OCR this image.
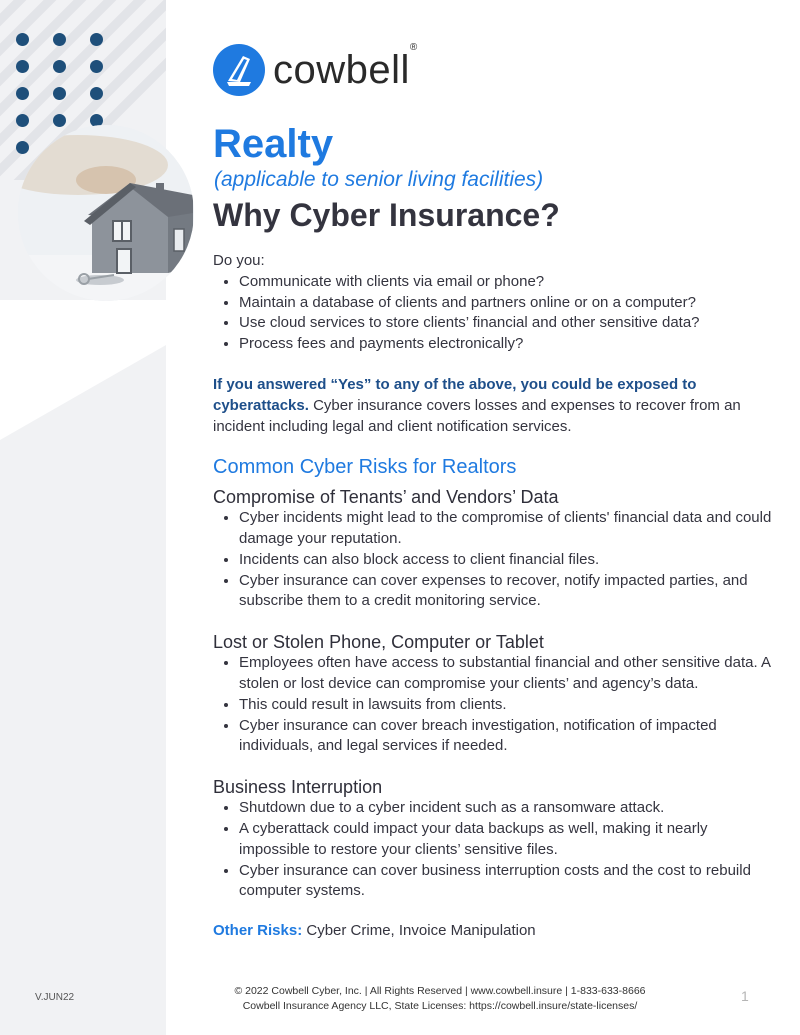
V.JUN22
cowbell®
Realty
(applicable to senior living facilities)
Why Cyber Insurance?

Do you:

• Communicate with clients via email or phone?
• Maintain a database of clients and partners online or on a computer?
• Use cloud services to store clients’ financial and other sensitive data?
• Process fees and payments electronically?

If you answered “Yes” to any of the above, you could be exposed to cyberattacks. Cyber insurance covers losses and expenses to recover from an incident including legal and client notification services.

Common Cyber Risks for Realtors
Compromise of Tenants’ and Vendors’ Data
• Cyber incidents might lead to the compromise of clients' financial data and could damage your reputation.
• Incidents can also block access to client financial files.
• Cyber insurance can cover expenses to recover, notify impacted parties, and subscribe them to a credit monitoring service.
Lost or Stolen Phone, Computer or Tablet
• Employees often have access to substantial financial and other sensitive data. A stolen or lost device can compromise your clients’ and agency’s data.
• This could result in lawsuits from clients.
• Cyber insurance can cover breach investigation, notification of impacted individuals, and legal services if needed.
Business Interruption
• Shutdown due to a cyber incident such as a ransomware attack.
• A cyberattack could impact your data backups as well, making it nearly impossible to restore your clients’ sensitive files.
• Cyber insurance can cover business interruption costs and the cost to rebuild computer systems.

Other Risks: Cyber Crime, Invoice Manipulation

© 2022 Cowbell Cyber, Inc. | All Rights Reserved | www.cowbell.insure | 1-833-633-8666
Cowbell Insurance Agency LLC, State Licenses: https://cowbell.insure/state-licenses/
1
